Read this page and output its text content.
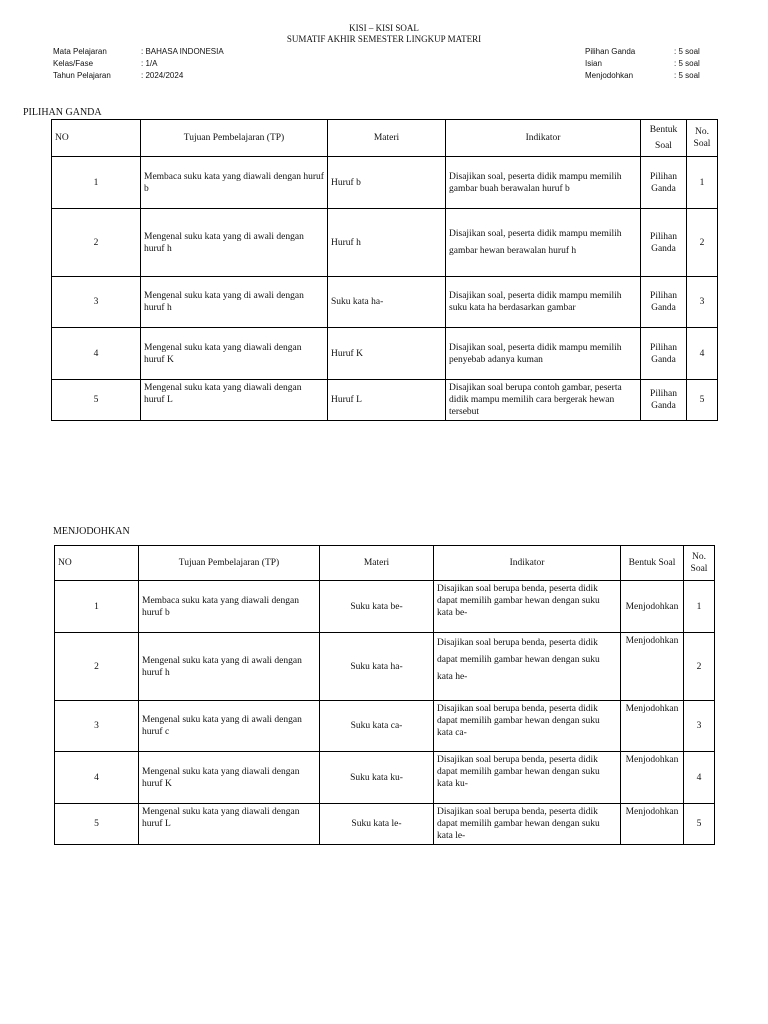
KISI – KISI SOAL
SUMATIF AKHIR SEMESTER LINGKUP MATERI
Mata Pelajaran	: BAHASA INDONESIA
Kelas/Fase	: 1/A
Tahun Pelajaran	: 2024/2024
Pilihan Ganda	: 5 soal
Isian	: 5 soal
Menjodohkan	: 5 soal
PILIHAN GANDA
NO	Tujuan Pembelajaran (TP)	Materi	Indikator	Bentuk Soal	No. Soal
1	Membaca suku kata yang diawali dengan huruf b	Huruf b	Disajikan soal, peserta didik mampu memilih gambar buah berawalan huruf b	Pilihan Ganda	1
2	Mengenal suku kata yang di awali dengan huruf h	Huruf h	Disajikan soal, peserta didik mampu memilih gambar hewan berawalan huruf h	Pilihan Ganda	2
3	Mengenal suku kata yang di awali dengan huruf h	Suku kata ha-	Disajikan soal, peserta didik mampu memilih suku kata ha berdasarkan gambar	Pilihan Ganda	3
4	Mengenal suku kata yang diawali dengan huruf K	Huruf K	Disajikan soal, peserta didik mampu memilih penyebab adanya kuman	Pilihan Ganda	4
5	Mengenal suku kata yang diawali dengan huruf L	Huruf L	Disajikan soal berupa contoh gambar, peserta didik mampu memilih cara bergerak hewan tersebut	Pilihan Ganda	5
MENJODOHKAN
NO	Tujuan Pembelajaran (TP)	Materi	Indikator	Bentuk Soal	No. Soal
1	Membaca suku kata yang diawali dengan huruf b	Suku kata be-	Disajikan soal berupa benda, peserta didik dapat memilih gambar hewan dengan suku kata be-	Menjodohkan	1
2	Mengenal suku kata yang di awali dengan huruf h	Suku kata ha-	Disajikan soal berupa benda, peserta didik dapat memilih gambar hewan dengan suku kata he-	Menjodohkan	2
3	Mengenal suku kata yang di awali dengan huruf c	Suku kata ca-	Disajikan soal berupa benda, peserta didik dapat memilih gambar hewan dengan suku kata ca-	Menjodohkan	3
4	Mengenal suku kata yang diawali dengan huruf K	Suku kata ku-	Disajikan soal berupa benda, peserta didik dapat memilih gambar hewan dengan suku kata ku-	Menjodohkan	4
5	Mengenal suku kata yang diawali dengan huruf L	Suku kata le-	Disajikan soal berupa benda, peserta didik dapat memilih gambar hewan dengan suku kata le-	Menjodohkan	5
